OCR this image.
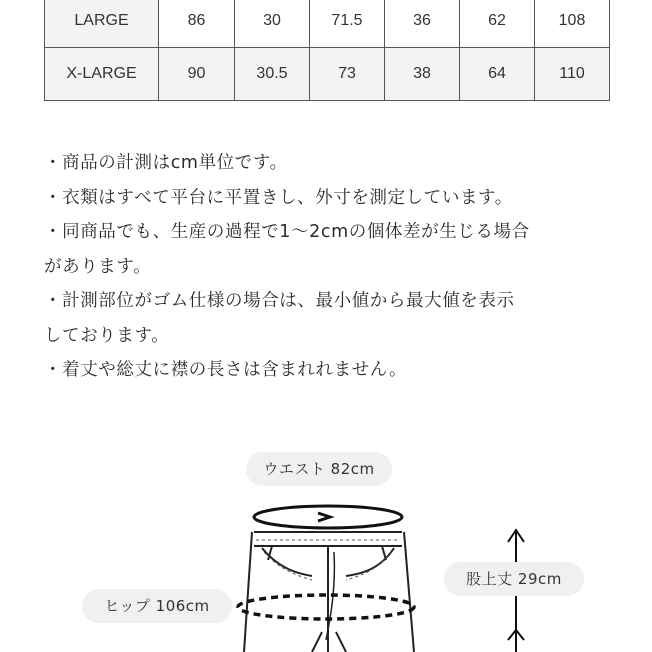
LARGE	86	30	71.5	36	62	108
X-LARGE	90	30.5	73	38	64	110
・商品の計測はcm単位です。
・衣類はすべて平台に平置きし、外寸を測定しています。
・同商品でも、生産の過程で1〜2cmの個体差が生じる場合
があります。
・計測部位がゴム仕様の場合は、最小値から最大値を表示
しております。
・着丈や総丈に襟の長さは含まれれません。
ウエスト 82cm
ヒップ 106cm
股上丈 29cm
